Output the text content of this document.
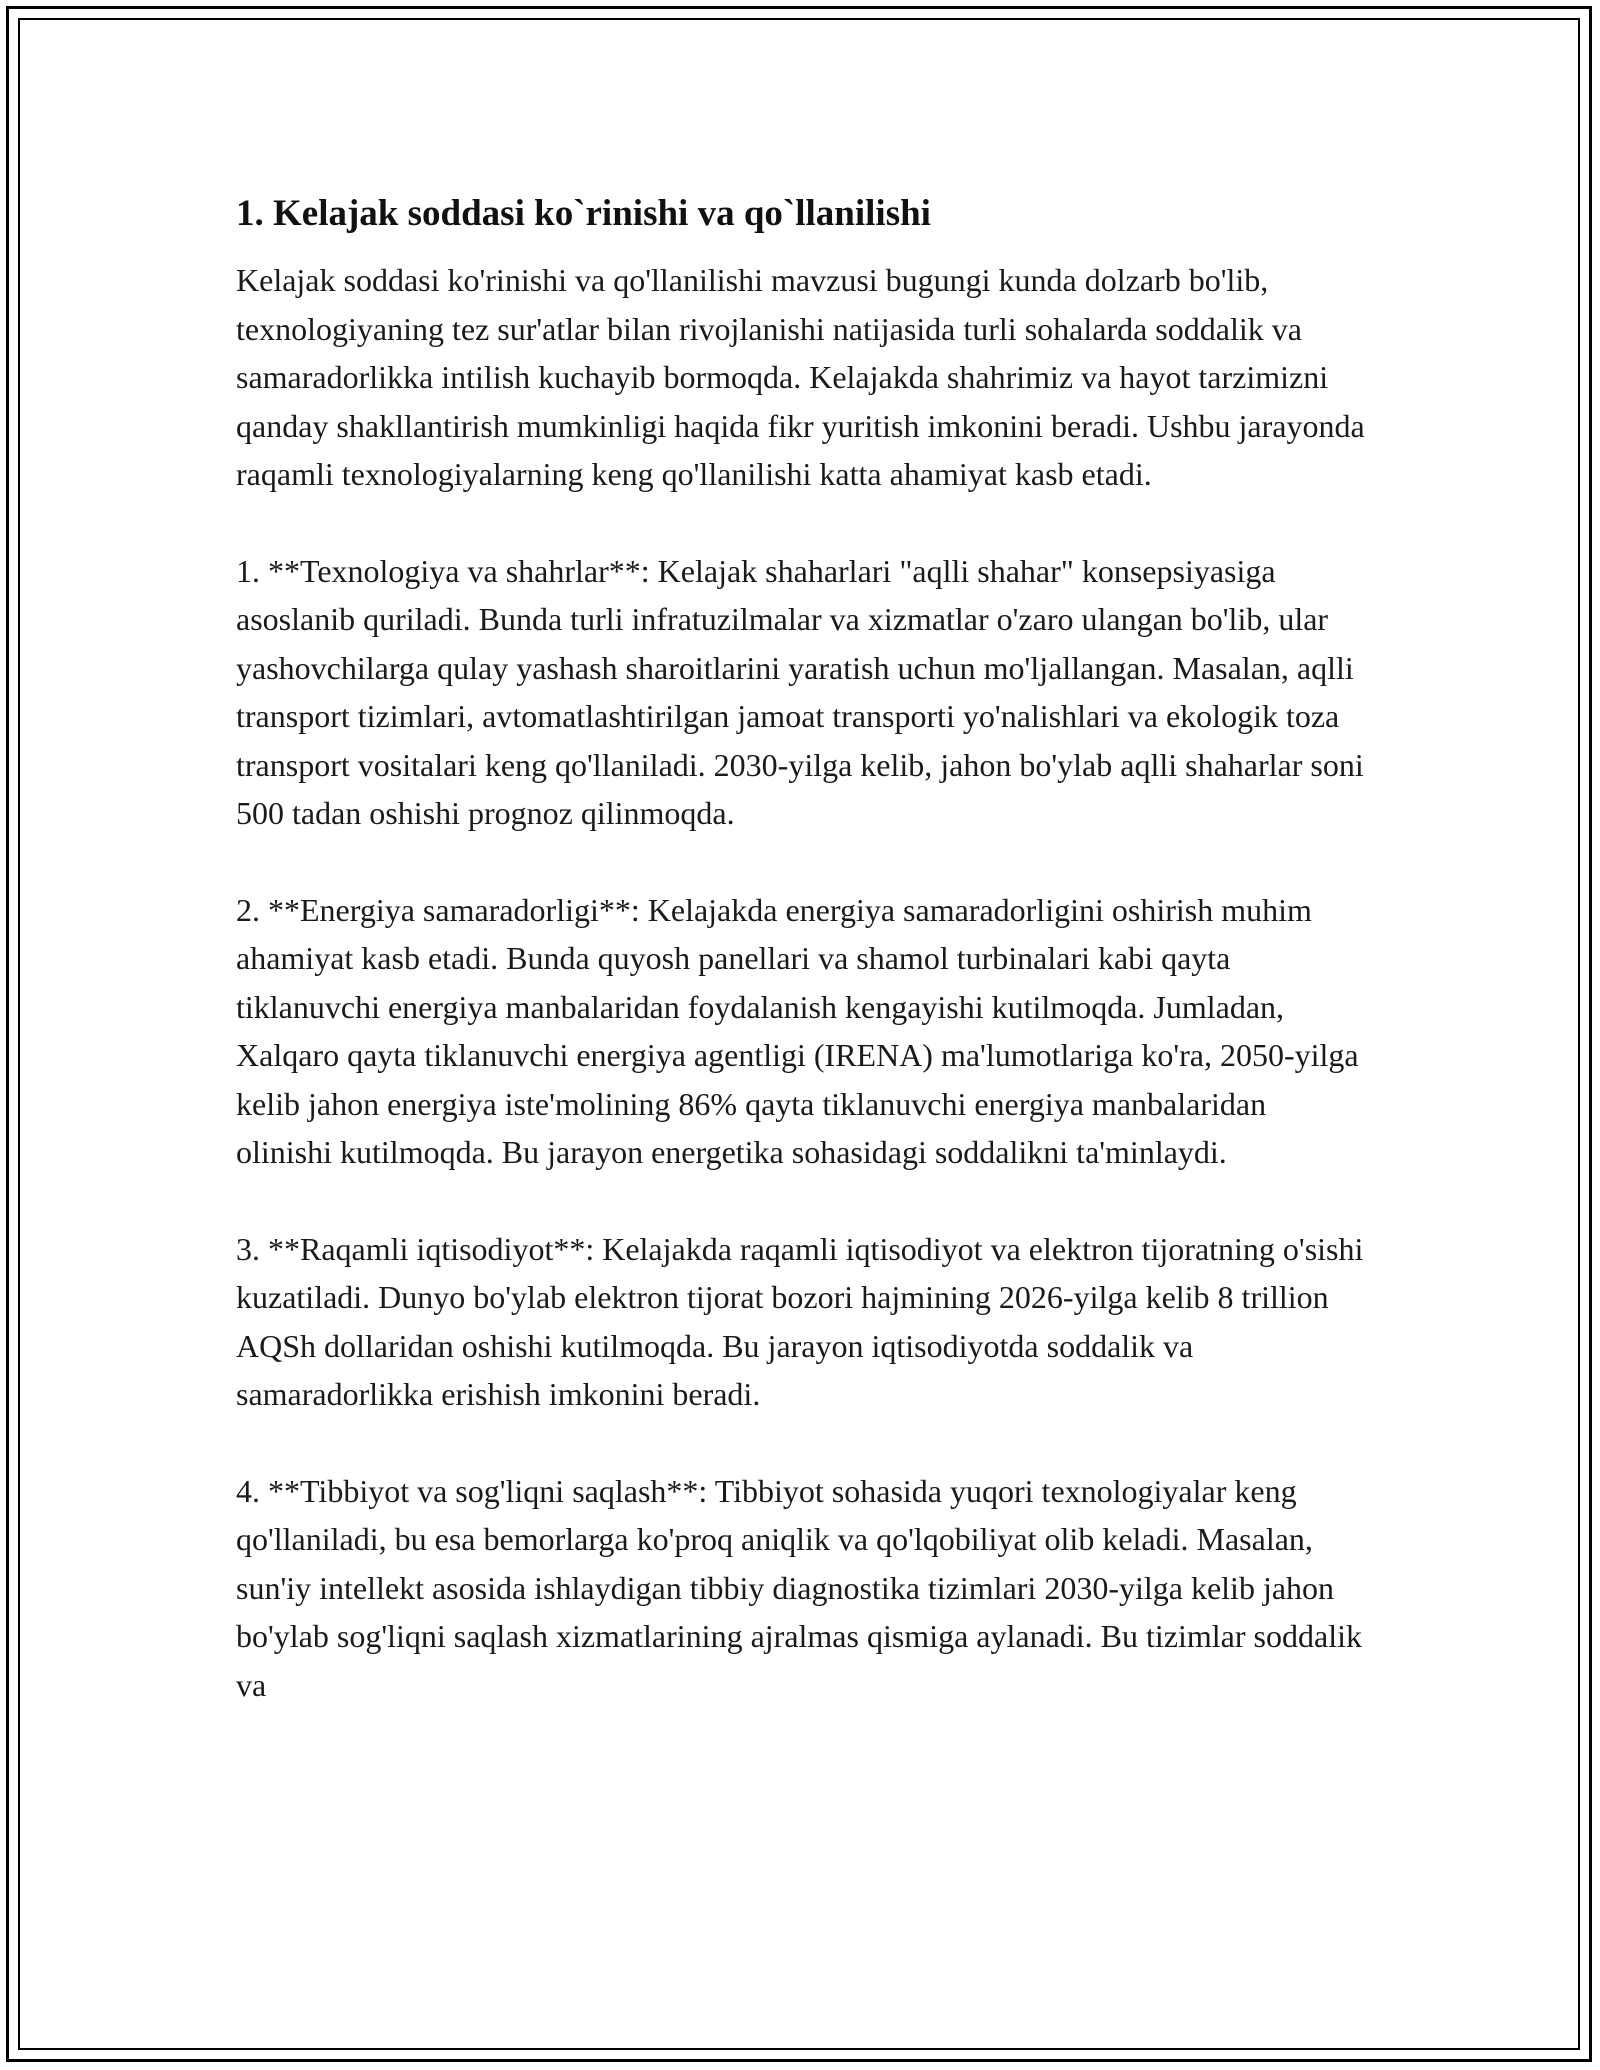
1. Kelajak soddasi ko`rinishi va qo`llanilishi

Kelajak soddasi ko'rinishi va qo'llanilishi mavzusi bugungi kunda dolzarb bo'lib, texnologiyaning tez sur'atlar bilan rivojlanishi natijasida turli sohalarda soddalik va samaradorlikka intilish kuchayib bormoqda. Kelajakda shahrimiz va hayot tarzimizni qanday shakllantirish mumkinligi haqida fikr yuritish imkonini beradi. Ushbu jarayonda raqamli texnologiyalarning keng qo'llanilishi katta ahamiyat kasb etadi.

1. **Texnologiya va shahrlar**: Kelajak shaharlari "aqlli shahar" konsepsiyasiga asoslanib quriladi. Bunda turli infratuzilmalar va xizmatlar o'zaro ulangan bo'lib, ular yashovchilarga qulay yashash sharoitlarini yaratish uchun mo'ljallangan. Masalan, aqlli transport tizimlari, avtomatlashtirilgan jamoat transporti yo'nalishlari va ekologik toza transport vositalari keng qo'llaniladi. 2030-yilga kelib, jahon bo'ylab aqlli shaharlar soni 500 tadan oshishi prognoz qilinmoqda.

2. **Energiya samaradorligi**: Kelajakda energiya samaradorligini oshirish muhim ahamiyat kasb etadi. Bunda quyosh panellari va shamol turbinalari kabi qayta tiklanuvchi energiya manbalaridan foydalanish kengayishi kutilmoqda. Jumladan, Xalqaro qayta tiklanuvchi energiya agentligi (IRENA) ma'lumotlariga ko'ra, 2050-yilga kelib jahon energiya iste'molining 86% qayta tiklanuvchi energiya manbalaridan olinishi kutilmoqda. Bu jarayon energetika sohasidagi soddalikni ta'minlaydi.

3. **Raqamli iqtisodiyot**: Kelajakda raqamli iqtisodiyot va elektron tijoratning o'sishi kuzatiladi. Dunyo bo'ylab elektron tijorat bozori hajmining 2026-yilga kelib 8 trillion AQSh dollaridan oshishi kutilmoqda. Bu jarayon iqtisodiyotda soddalik va samaradorlikka erishish imkonini beradi.

4. **Tibbiyot va sog'liqni saqlash**: Tibbiyot sohasida yuqori texnologiyalar keng qo'llaniladi, bu esa bemorlarga ko'proq aniqlik va qo'lqobiliyat olib keladi. Masalan, sun'iy intellekt asosida ishlaydigan tibbiy diagnostika tizimlari 2030-yilga kelib jahon bo'ylab sog'liqni saqlash xizmatlarining ajralmas qismiga aylanadi. Bu tizimlar soddalik va
